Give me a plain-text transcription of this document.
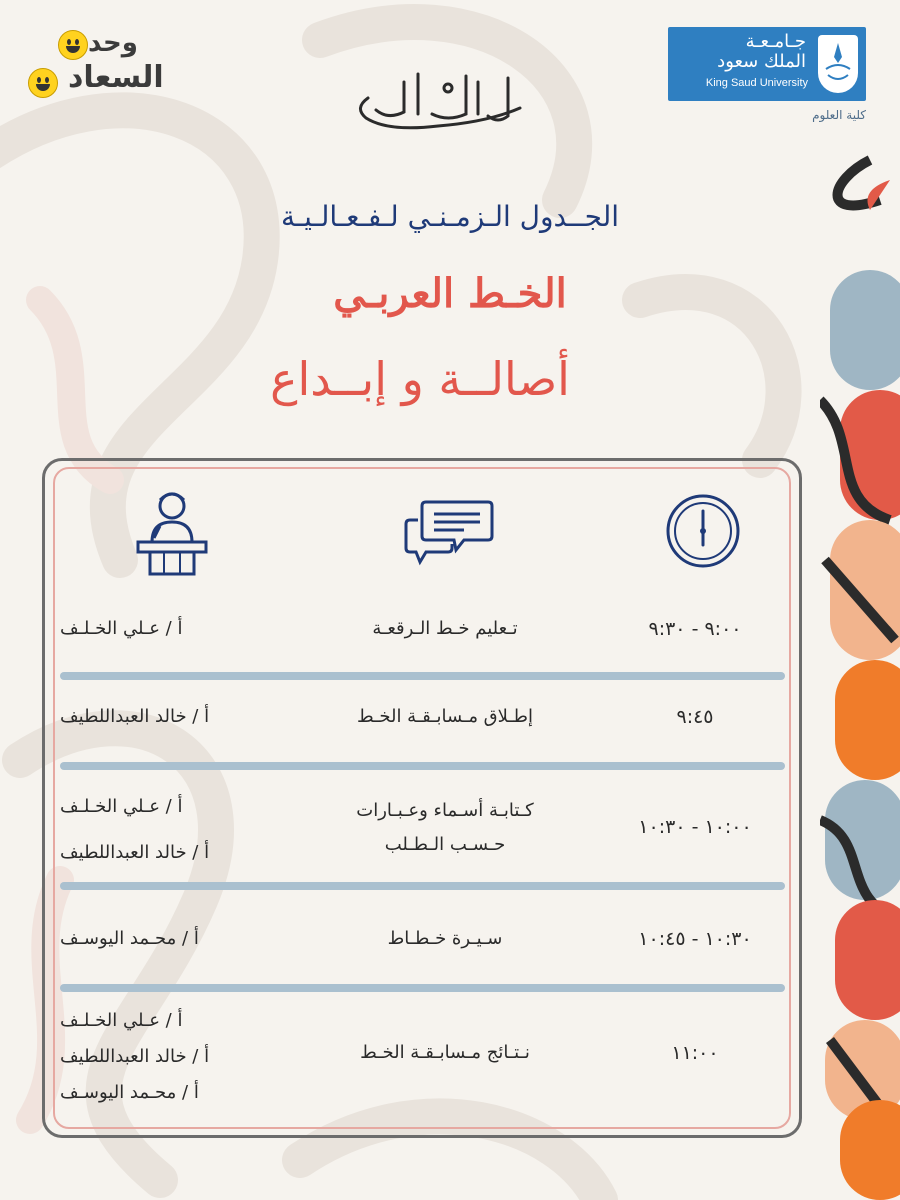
جـامـعـة
الملك سعود
King Saud University
كلية العلوم
وحد
السعاد
الجــدول الـزمـنـي لـفـعـالـيـة
الخـط العربـي
أصالــة و إبــداع
٩:٠٠ - ٩:٣٠
تـعليم خـط الـرقعـة
أ / عـلي الخـلـف
٩:٤٥
إطـلاق مـسابـقـة الخـط
أ / خالد العبداللطيف
١٠:٠٠ - ١٠:٣٠
كـتابـة أسـماء وعـبـارات
حـسـب الـطـلب
أ / عـلي الخـلـف
أ / خالد العبداللطيف
١٠:٣٠ - ١٠:٤٥
سـيـرة خـطـاط
أ / محـمد اليوسـف
١١:٠٠
نـتـائج مـسابـقـة الخـط
أ / عـلي الخـلـف
أ / خالد العبداللطيف
أ / محـمد اليوسـف
